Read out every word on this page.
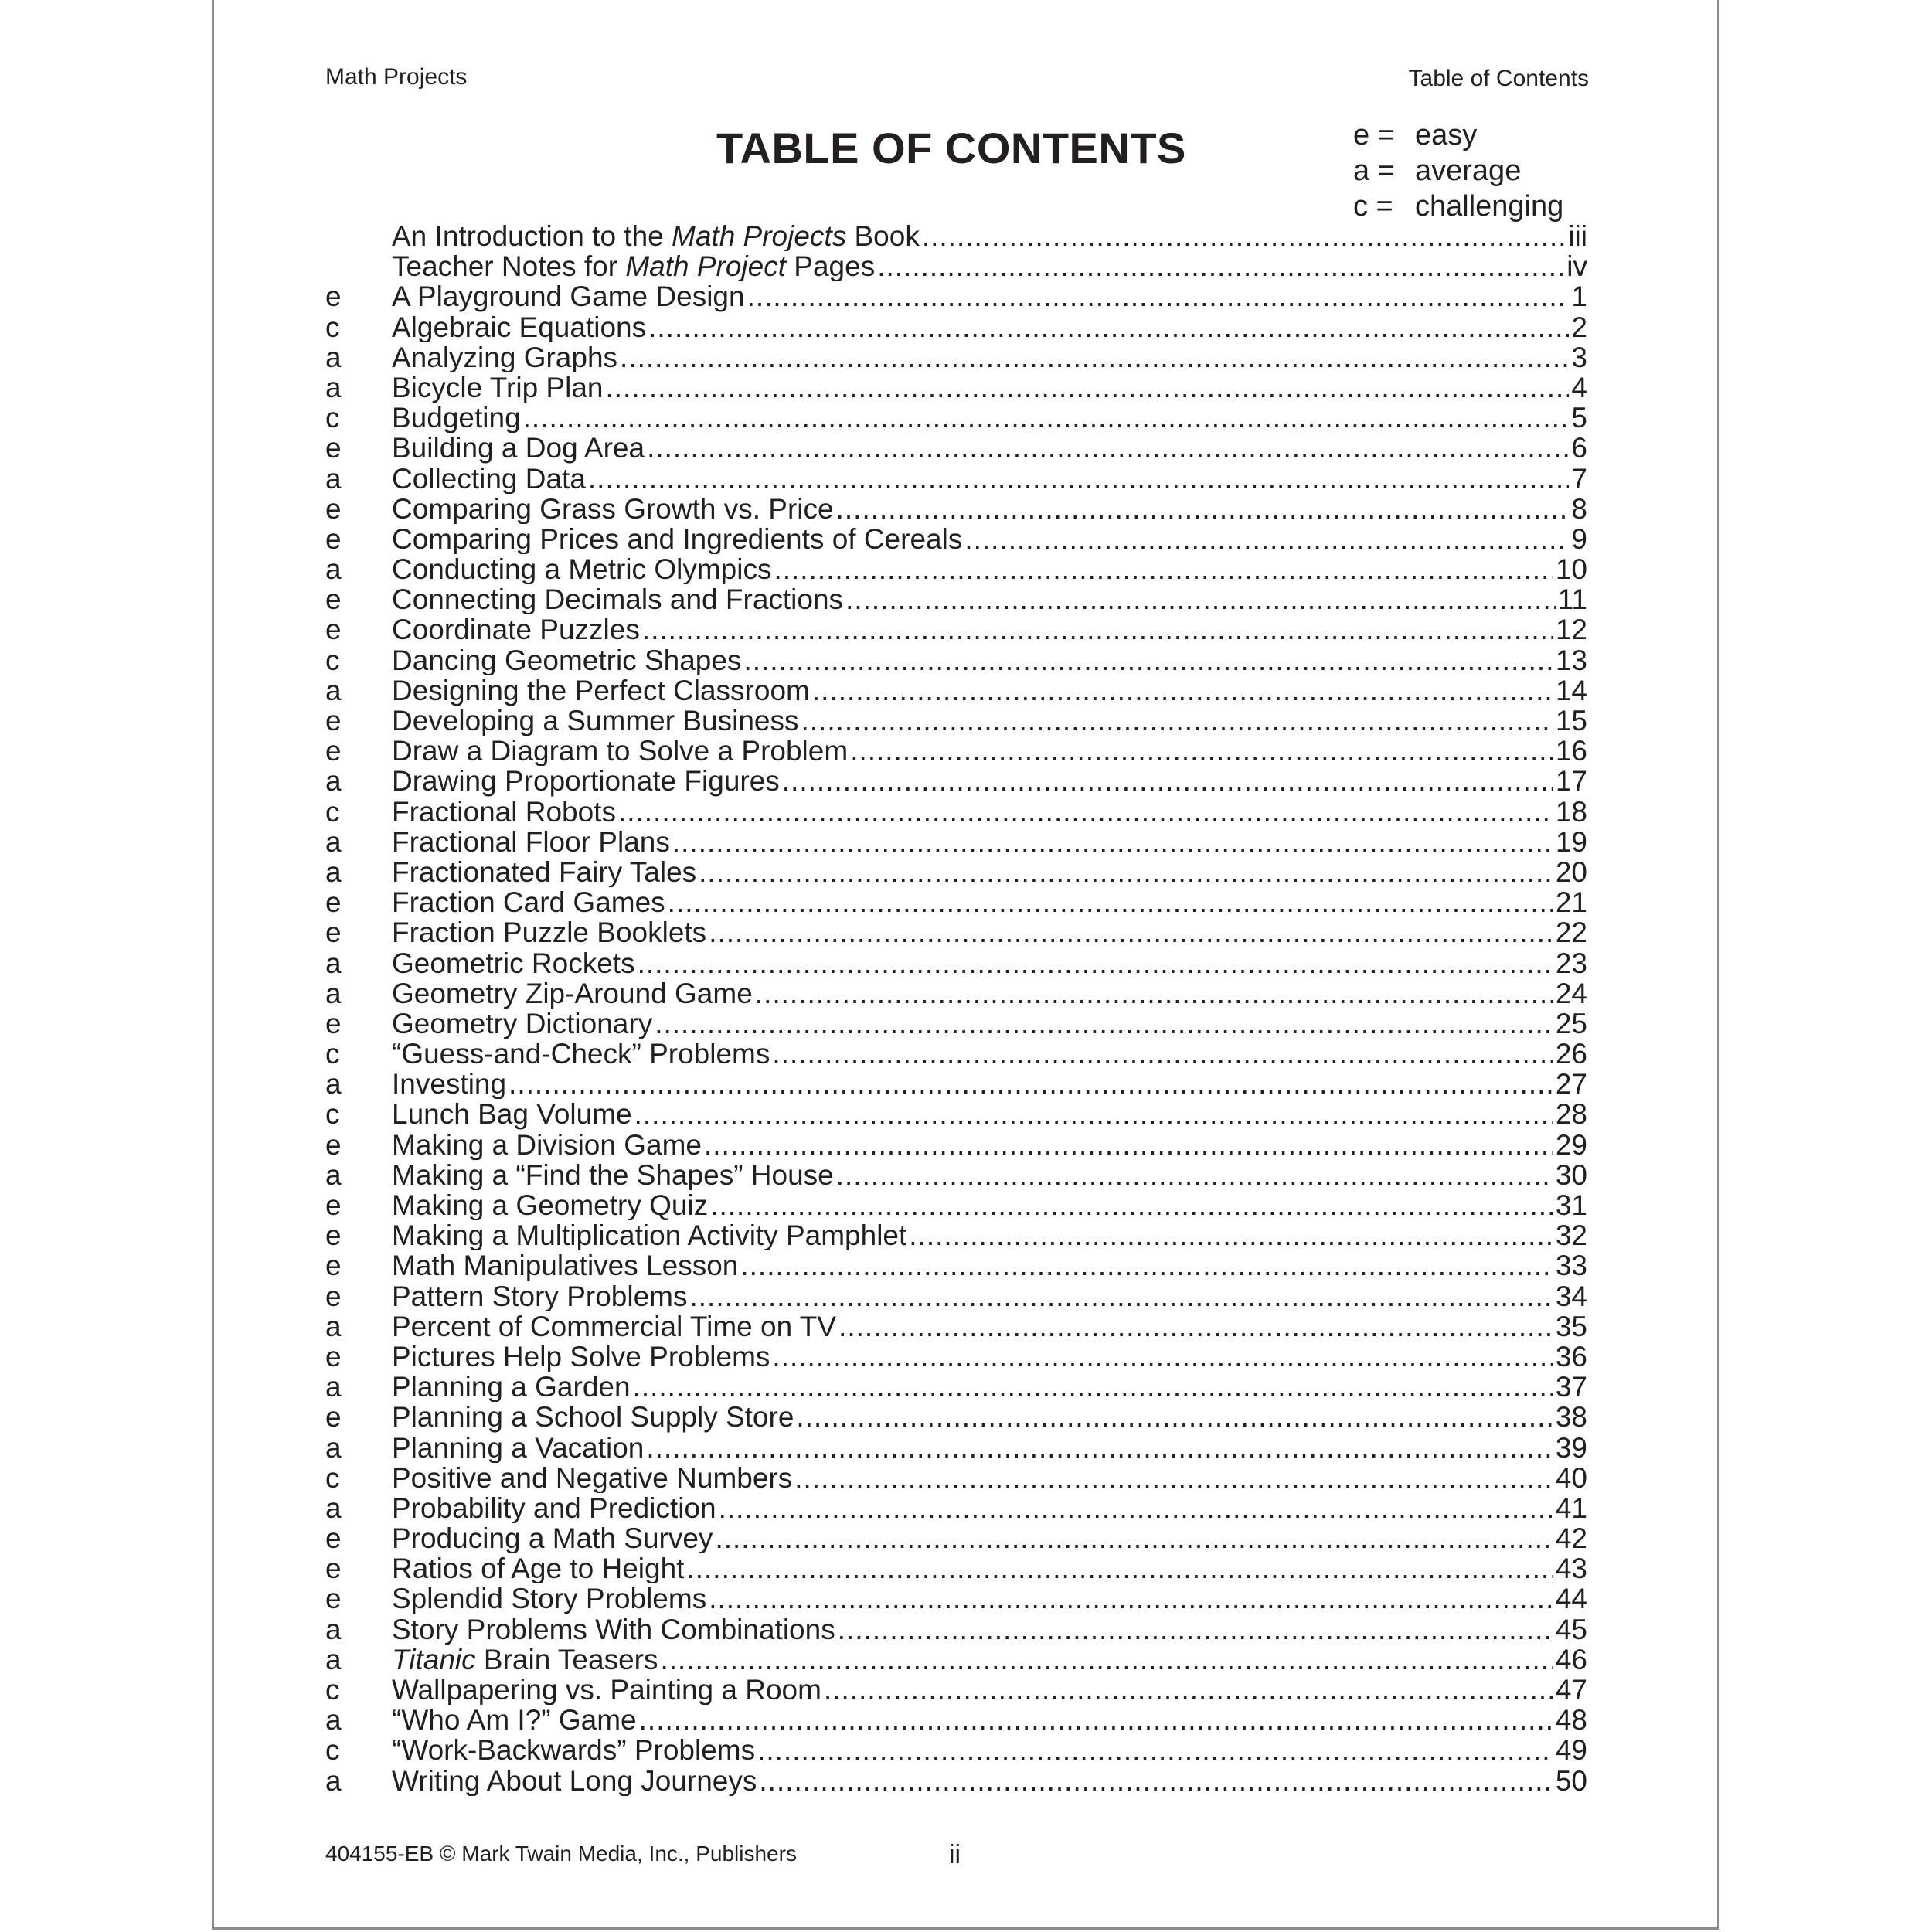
Math Projects	Table of Contents
TABLE OF CONTENTS	e = easy
a = average
c = challenging
An Introduction to the Math Projects Book .....	iii
Teacher Notes for Math Project Pages .....	iv
e	A Playground Game Design .....	1
c	Algebraic Equations .....	2
a	Analyzing Graphs .....	3
a	Bicycle Trip Plan .....	4
c	Budgeting .....	5
e	Building a Dog Area .....	6
a	Collecting Data .....	7
e	Comparing Grass Growth vs. Price .....	8
e	Comparing Prices and Ingredients of Cereals .....	9
a	Conducting a Metric Olympics .....	10
e	Connecting Decimals and Fractions .....	11
e	Coordinate Puzzles .....	12
c	Dancing Geometric Shapes .....	13
a	Designing the Perfect Classroom .....	14
e	Developing a Summer Business .....	15
e	Draw a Diagram to Solve a Problem .....	16
a	Drawing Proportionate Figures .....	17
c	Fractional Robots .....	18
a	Fractional Floor Plans .....	19
a	Fractionated Fairy Tales .....	20
e	Fraction Card Games .....	21
e	Fraction Puzzle Booklets .....	22
a	Geometric Rockets .....	23
a	Geometry Zip-Around Game .....	24
e	Geometry Dictionary .....	25
c	“Guess-and-Check” Problems .....	26
a	Investing .....	27
c	Lunch Bag Volume .....	28
e	Making a Division Game .....	29
a	Making a “Find the Shapes” House .....	30
e	Making a Geometry Quiz .....	31
e	Making a Multiplication Activity Pamphlet .....	32
e	Math Manipulatives Lesson .....	33
e	Pattern Story Problems .....	34
a	Percent of Commercial Time on TV .....	35
e	Pictures Help Solve Problems .....	36
a	Planning a Garden .....	37
e	Planning a School Supply Store .....	38
a	Planning a Vacation .....	39
c	Positive and Negative Numbers .....	40
a	Probability and Prediction .....	41
e	Producing a Math Survey .....	42
e	Ratios of Age to Height .....	43
e	Splendid Story Problems .....	44
a	Story Problems With Combinations .....	45
a	Titanic Brain Teasers .....	46
c	Wallpapering vs. Painting a Room .....	47
a	“Who Am I?” Game .....	48
c	“Work-Backwards” Problems .....	49
a	Writing About Long Journeys .....	50
404155-EB © Mark Twain Media, Inc., Publishers	ii
